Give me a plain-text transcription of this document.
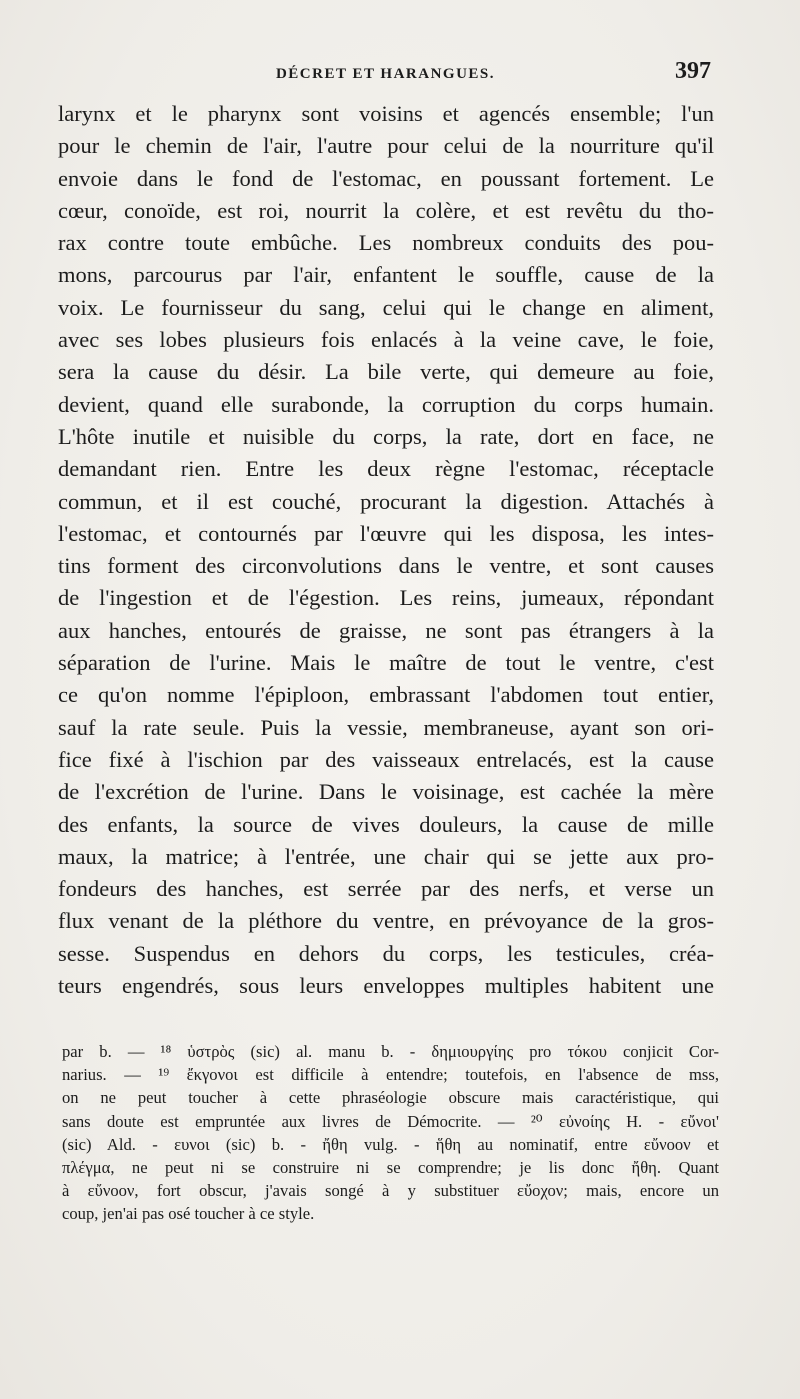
DÉCRET ET HARANGUES.	397
larynx et le pharynx sont voisins et agencés ensemble; l'un
pour le chemin de l'air, l'autre pour celui de la nourriture qu'il
envoie dans le fond de l'estomac, en poussant fortement. Le
cœur, conoïde, est roi, nourrit la colère, et est revêtu du tho-
rax contre toute embûche. Les nombreux conduits des pou-
mons, parcourus par l'air, enfantent le souffle, cause de la
voix. Le fournisseur du sang, celui qui le change en aliment,
avec ses lobes plusieurs fois enlacés à la veine cave, le foie,
sera la cause du désir. La bile verte, qui demeure au foie,
devient, quand elle surabonde, la corruption du corps humain.
L'hôte inutile et nuisible du corps, la rate, dort en face, ne
demandant rien. Entre les deux règne l'estomac, réceptacle
commun, et il est couché, procurant la digestion. Attachés à
l'estomac, et contournés par l'œuvre qui les disposa, les intes-
tins forment des circonvolutions dans le ventre, et sont causes
de l'ingestion et de l'égestion. Les reins, jumeaux, répondant
aux hanches, entourés de graisse, ne sont pas étrangers à la
séparation de l'urine. Mais le maître de tout le ventre, c'est
ce qu'on nomme l'épiploon, embrassant l'abdomen tout entier,
sauf la rate seule. Puis la vessie, membraneuse, ayant son ori-
fice fixé à l'ischion par des vaisseaux entrelacés, est la cause
de l'excrétion de l'urine. Dans le voisinage, est cachée la mère
des enfants, la source de vives douleurs, la cause de mille
maux, la matrice; à l'entrée, une chair qui se jette aux pro-
fondeurs des hanches, est serrée par des nerfs, et verse un
flux venant de la pléthore du ventre, en prévoyance de la gros-
sesse. Suspendus en dehors du corps, les testicules, créa-
teurs engendrés, sous leurs enveloppes multiples habitent une
par b. — ¹⁸ ὑστρὸς (sic) al. manu b. - δημιουργίης pro τόκου conjicit Cor-
narius. — ¹⁹ ἔκγονοι est difficile à entendre; toutefois, en l'absence de mss,
on ne peut toucher à cette phraséologie obscure mais caractéristique, qui
sans doute est empruntée aux livres de Démocrite. — ²⁰ εὐνοίης H. - εὔνοι'
(sic) Ald. - ευνοι (sic) b. - ἤθη vulg. - ἥθη au nominatif, entre εὔνοον et
πλέγμα, ne peut ni se construire ni se comprendre; je lis donc ἤθη. Quant
à εὔνοον, fort obscur, j'avais songé à y substituer εὔοχον; mais, encore un
coup, jen'ai pas osé toucher à ce style.
